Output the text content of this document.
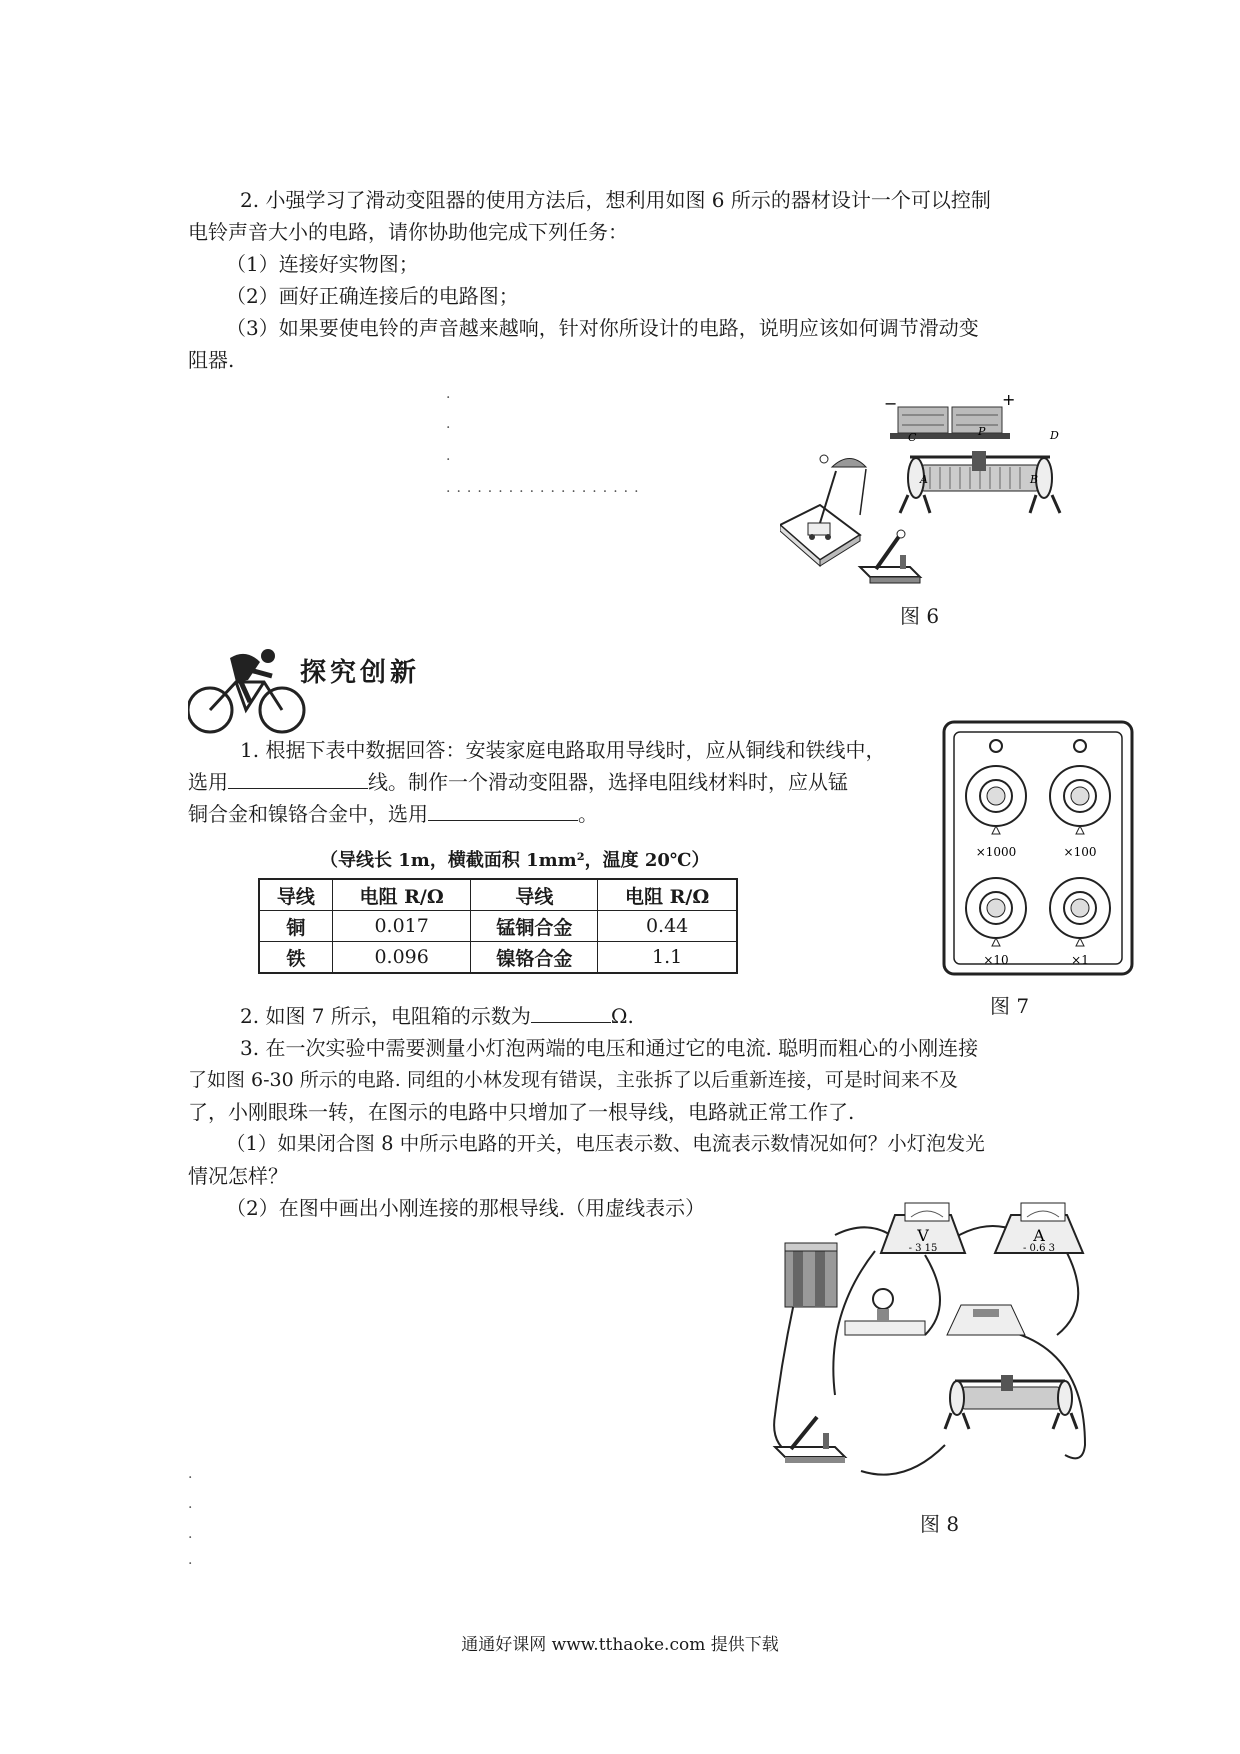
2. 小强学习了滑动变阻器的使用方法后，想利用如图 6 所示的器材设计一个可以控制
电铃声音大小的电路，请你协助他完成下列任务：
（1）连接好实物图；
（2）画好正确连接后的电路图；
（3）如果要使电铃的声音越来越响，针对你所设计的电路，说明应该如何调节滑动变
阻器.
·
·
·
···················
−	+
C	P	D
A	B
图 6
探究创新
1. 根据下表中数据回答：安装家庭电路取用导线时，应从铜线和铁线中，
选用	线。制作一个滑动变阻器，选择电阻线材料时，应从锰
铜合金和镍铬合金中，选用	。
（导线长 1m，横截面积 1mm²，温度 20℃）
导线	电阻 R/Ω	导线	电阻 R/Ω
铜	0.017	锰铜合金	0.44
铁	0.096	镍铬合金	1.1
×1000	×100
×10	×1
图 7
2. 如图 7 所示，电阻箱的示数为	Ω.
3. 在一次实验中需要测量小灯泡两端的电压和通过它的电流. 聪明而粗心的小刚连接
了如图 6-30 所示的电路. 同组的小林发现有错误，主张拆了以后重新连接，可是时间来不及
了，小刚眼珠一转，在图示的电路中只增加了一根导线，电路就正常工作了.
（1）如果闭合图 8 中所示电路的开关，电压表示数、电流表示数情况如何？小灯泡发光
情况怎样？
（2）在图中画出小刚连接的那根导线.（用虚线表示）
V
- 3 15
A
- 0.6 3
图 8
·
·
·
·
通通好课网 www.tthaoke.com 提供下载
